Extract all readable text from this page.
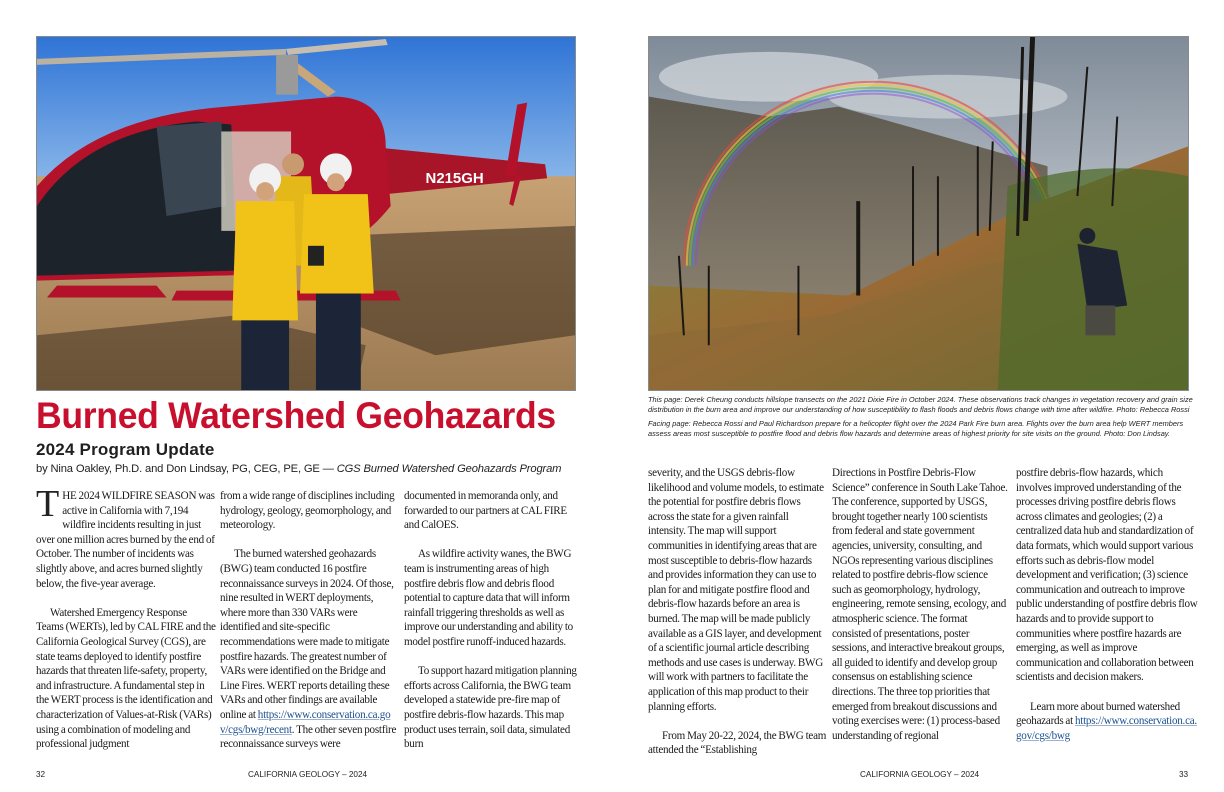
N215GH
Burned Watershed Geohazards
2024 Program Update

by Nina Oakley, Ph.D. and Don Lindsay, PG, CEG, PE, GE — CGS Burned Watershed Geohazards Program

THE 2024 WILDFIRE SEASON was active in California with 7,194 wildfire incidents resulting in just over one million acres burned by the end of October. The number of incidents was slightly above, and acres burned slightly below, the five-year average.

Watershed Emergency Response Teams (WERTs), led by CAL FIRE and the California Geological Survey (CGS), are state teams deployed to identify postfire hazards that threaten life-safety, property, and infrastructure. A fundamental step in the WERT process is the identification and characterization of Values-at-Risk (VARs) using a combination of modeling and professional judgment

from a wide range of disciplines including hydrology, geology, geomorphology, and meteorology.

The burned watershed geohazards (BWG) team conducted 16 postfire reconnaissance surveys in 2024. Of those, nine resulted in WERT deployments, where more than 330 VARs were identified and site-specific recommendations were made to mitigate postfire hazards. The greatest number of VARs were identified on the Bridge and Line Fires. WERT reports detailing these VARs and other findings are available online at https://www.conservation.ca.gov/cgs/bwg/recent. The other seven postfire reconnaissance surveys were

documented in memoranda only, and forwarded to our partners at CAL FIRE and CalOES.

As wildfire activity wanes, the BWG team is instrumenting areas of high postfire debris flow and debris flood potential to capture data that will inform rainfall triggering thresholds as well as improve our understanding and ability to model postfire runoff-induced hazards.

To support hazard mitigation planning efforts across California, the BWG team developed a statewide pre-fire map of postfire debris-flow hazards. This map product uses terrain, soil data, simulated burn

32	CALIFORNIA GEOLOGY – 2024

This page: Derek Cheung conducts hillslope transects on the 2021 Dixie Fire in October 2024. These observations track changes in vegetation recovery and grain size distribution in the burn area and improve our understanding of how susceptibility to flash floods and debris flows change with time after wildfire. Photo: Rebecca Rossi

Facing page: Rebecca Rossi and Paul Richardson prepare for a helicopter flight over the 2024 Park Fire burn area. Flights over the burn area help WERT members assess areas most susceptible to postfire flood and debris flow hazards and determine areas of highest priority for site visits on the ground. Photo: Don Lindsay.

severity, and the USGS debris-flow likelihood and volume models, to estimate the potential for postfire debris flows across the state for a given rainfall intensity. The map will support communities in identifying areas that are most susceptible to debris-flow hazards and provides information they can use to plan for and mitigate postfire flood and debris-flow hazards before an area is burned. The map will be made publicly available as a GIS layer, and development of a scientific journal article describing methods and use cases is underway. BWG will work with partners to facilitate the application of this map product to their planning efforts.

From May 20-22, 2024, the BWG team attended the “Establishing

Directions in Postfire Debris-Flow Science” conference in South Lake Tahoe. The conference, supported by USGS, brought together nearly 100 scientists from federal and state government agencies, university, consulting, and NGOs representing various disciplines related to postfire debris-flow science such as geomorphology, hydrology, engineering, remote sensing, ecology, and atmospheric science. The format consisted of presentations, poster sessions, and interactive breakout groups, all guided to identify and develop group consensus on establishing science directions. The three top priorities that emerged from breakout discussions and voting exercises were: (1) process-based understanding of regional

postfire debris-flow hazards, which involves improved understanding of the processes driving postfire debris flows across climates and geologies; (2) a centralized data hub and standardization of data formats, which would support various efforts such as debris-flow model development and verification; (3) science communication and outreach to improve public understanding of postfire debris flow hazards and to provide support to communities where postfire hazards are emerging, as well as improve communication and collaboration between scientists and decision makers.

Learn more about burned watershed geohazards at https://www.conservation.ca.gov/cgs/bwg

CALIFORNIA GEOLOGY – 2024	33
